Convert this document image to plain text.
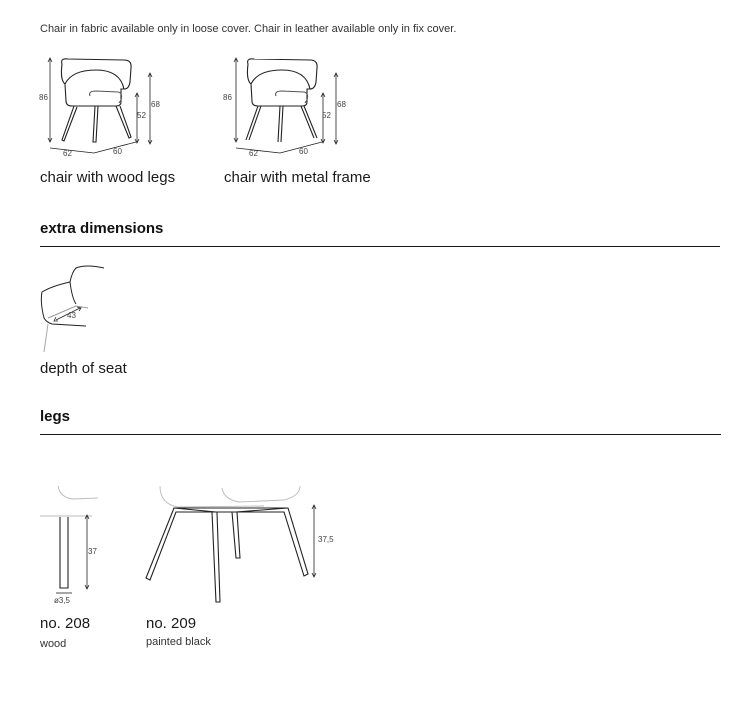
Chair in fabric available only in loose cover. Chair in leather available only in fix cover.
86
68
52
62	60
chair with wood legs
86
68
52
62	60
chair with metal frame
extra dimensions
43
depth of seat
legs
37
ø3,5
no. 208
wood
37,5
no. 209
painted black
